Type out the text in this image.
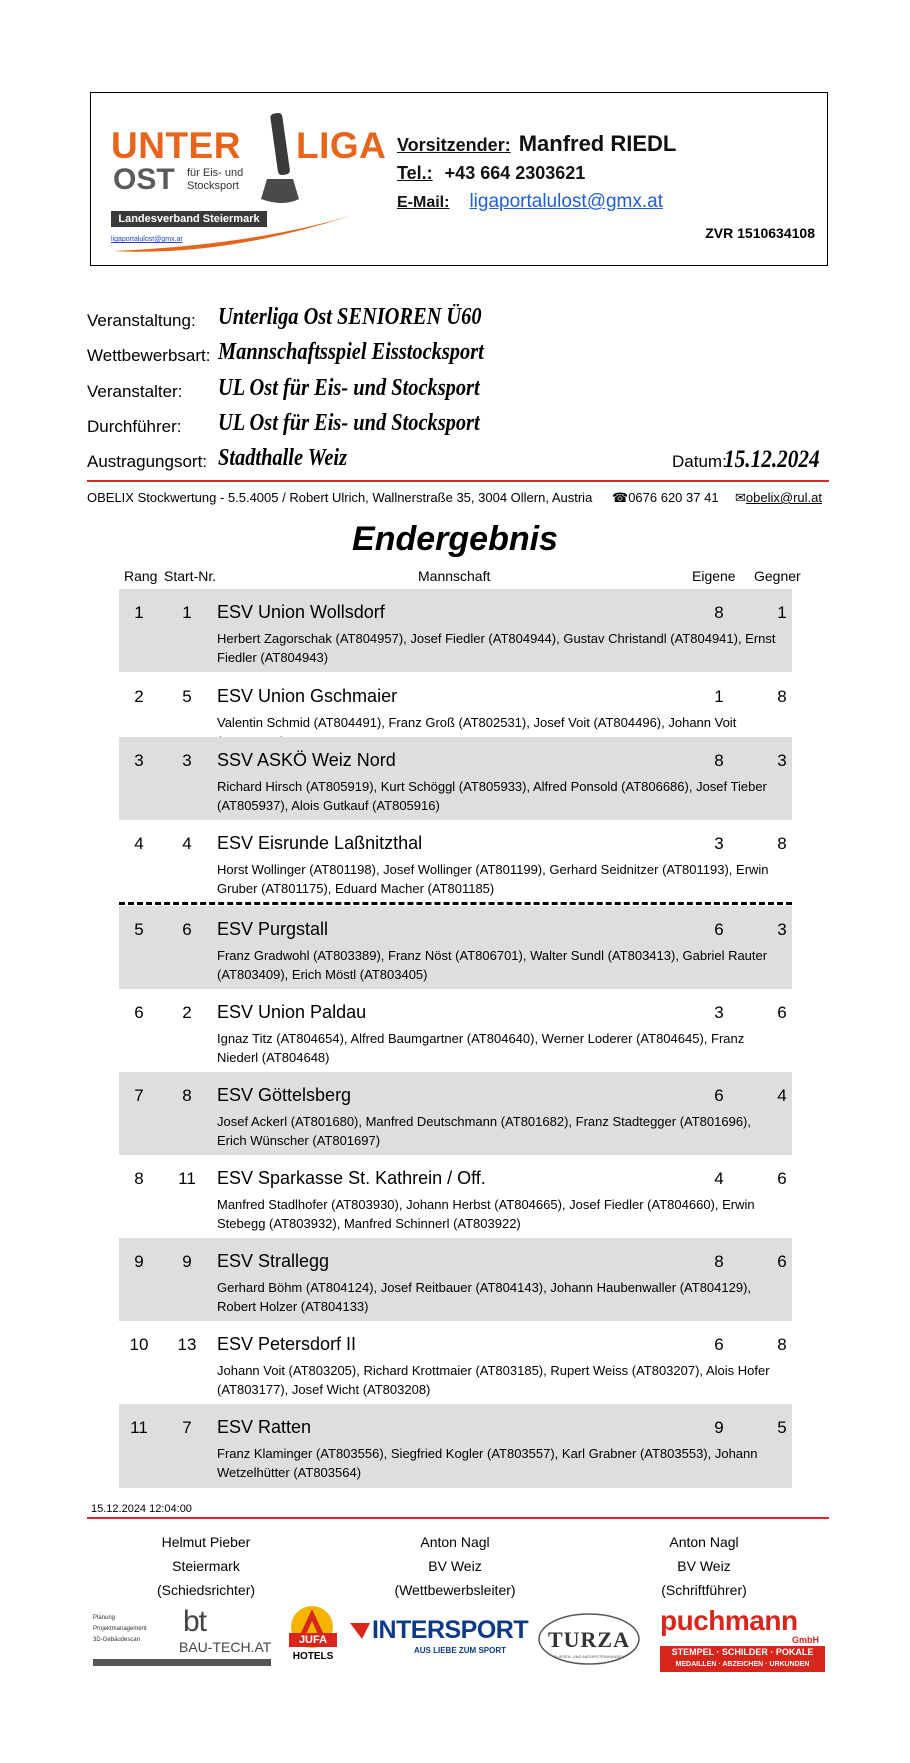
UNTER LIGA
OST für Eis- und Stocksport
Landesverband Steiermark
ligaportalulost@gmx.at
Vorsitzender: Manfred RIEDL
Tel.: +43 664 2303621
E-Mail: ligaportalulost@gmx.at
ZVR 1510634108
Veranstaltung: Unterliga Ost SENIOREN Ü60
Wettbewerbsart: Mannschaftsspiel Eisstocksport
Veranstalter: UL Ost für Eis- und Stocksport
Durchführer: UL Ost für Eis- und Stocksport
Austragungsort: Stadthalle Weiz	Datum:
15.12.2024
OBELIX Stockwertung - 5.5.4005 / Robert Ulrich, Wallnerstraße 35, 3004 Ollern, Austria ☎0676 620 37 41 ✉obelix@rul.at
Endergebnis
Rang Start-Nr.	Mannschaft	Eigene Gegner
1	1	ESV Union Wollsdorf	8	1
Herbert Zagorschak (AT804957), Josef Fiedler (AT804944), Gustav Christandl (AT804941), Ernst Fiedler (AT804943)
2	5	ESV Union Gschmaier	1	8
Valentin Schmid (AT804491), Franz Groß (AT802531), Josef Voit (AT804496), Johann Voit
3	3	SSV ASKÖ Weiz Nord	8	3
Richard Hirsch (AT805919), Kurt Schöggl (AT805933), Alfred Ponsold (AT806686), Josef Tieber (AT805937), Alois Gutkauf (AT805916)
4	4	ESV Eisrunde Laßnitzthal	3	8
Horst Wollinger (AT801198), Josef Wollinger (AT801199), Gerhard Seidnitzer (AT801193), Erwin Gruber (AT801175), Eduard Macher (AT801185)
5	6	ESV Purgstall	6	3
Franz Gradwohl (AT803389), Franz Nöst (AT806701), Walter Sundl (AT803413), Gabriel Rauter (AT803409), Erich Möstl (AT803405)
6	2	ESV Union Paldau	3	6
Ignaz Titz (AT804654), Alfred Baumgartner (AT804640), Werner Loderer (AT804645), Franz Niederl (AT804648)
7	8	ESV Göttelsberg	6	4
Josef Ackerl (AT801680), Manfred Deutschmann (AT801682), Franz Stadtegger (AT801696), Erich Wünscher (AT801697)
8	11	ESV Sparkasse St. Kathrein / Off.	4	6
Manfred Stadlhofer (AT803930), Johann Herbst (AT804665), Josef Fiedler (AT804660), Erwin Stebegg (AT803932), Manfred Schinnerl (AT803922)
9	9	ESV Strallegg	8	6
Gerhard Böhm (AT804124), Josef Reitbauer (AT804143), Johann Haubenwaller (AT804129), Robert Holzer (AT804133)
10	13	ESV Petersdorf II	6	8
Johann Voit (AT803205), Richard Krottmaier (AT803185), Rupert Weiss (AT803207), Alois Hofer (AT803177), Josef Wicht (AT803208)
11	7	ESV Ratten	9	5
Franz Klaminger (AT803556), Siegfried Kogler (AT803557), Karl Grabner (AT803553), Johann Wetzelhütter (AT803564)
15.12.2024 12:04:00
Helmut Pieber
Steiermark
(Schiedsrichter)
Anton Nagl
BV Weiz
(Wettbewerbsleiter)
Anton Nagl
BV Weiz
(Schriftführer)
Planung
Projektmanagement
3D-Gebäudescan
bt
BAU-TECH.AT	JUFA
HOTELS
INTERSPORT
AUS LIEBE ZUM SPORT	TURZA
FLIESEN- UND NATURSTEINHANDEL
puchmann
GmbH
STEMPEL · SCHILDER · POKALE
MEDAILLEN · ABZEICHEN · URKUNDEN
